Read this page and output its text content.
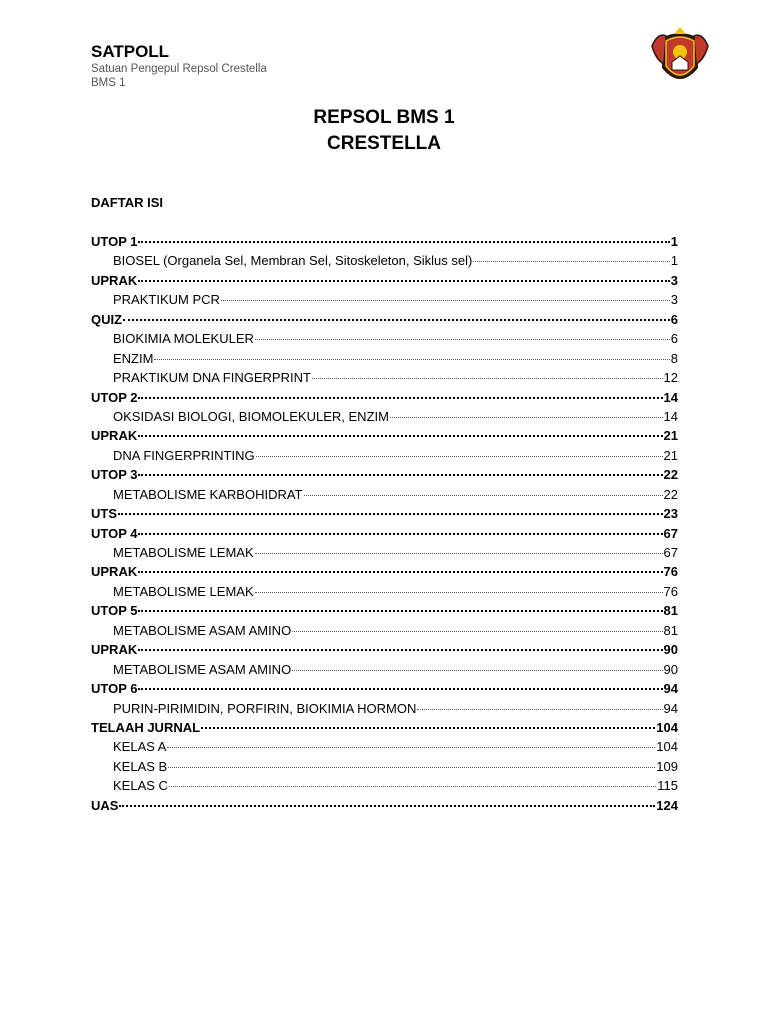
SATPOLL
Satuan Pengepul Repsol Crestella
BMS 1
REPSOL BMS 1
CRESTELLA
DAFTAR ISI
UTOP 1	1
BIOSEL (Organela Sel, Membran Sel, Sitoskeleton, Siklus sel)	1
UPRAK	3
PRAKTIKUM PCR	3
QUIZ	6
BIOKIMIA MOLEKULER	6
ENZIM	8
PRAKTIKUM DNA FINGERPRINT	12
UTOP 2	14
OKSIDASI BIOLOGI, BIOMOLEKULER, ENZIM	14
UPRAK	21
DNA FINGERPRINTING	21
UTOP 3	22
METABOLISME KARBOHIDRAT	22
UTS	23
UTOP 4	67
METABOLISME LEMAK	67
UPRAK	76
METABOLISME LEMAK	76
UTOP 5	81
METABOLISME ASAM AMINO	81
UPRAK	90
METABOLISME ASAM AMINO	90
UTOP 6	94
PURIN-PIRIMIDIN, PORFIRIN, BIOKIMIA HORMON	94
TELAAH JURNAL	104
KELAS A	104
KELAS B	109
KELAS C	115
UAS	124
